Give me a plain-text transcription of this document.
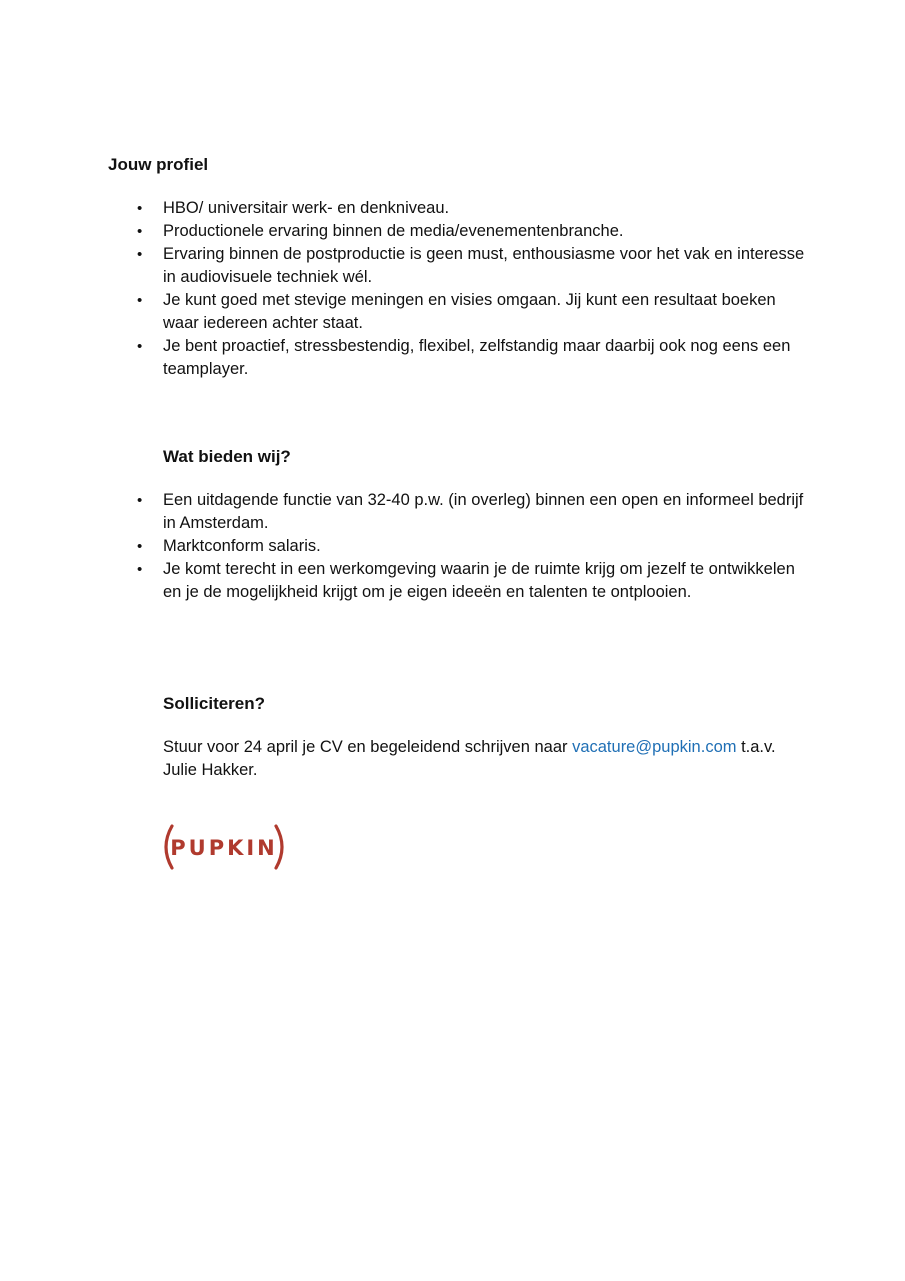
Jouw profiel
• HBO/ universitair werk- en denkniveau.
• Productionele ervaring binnen de media/evenementenbranche.
• Ervaring binnen de postproductie is geen must, enthousiasme voor het vak en interesse in audiovisuele techniek wél.
• Je kunt goed met stevige meningen en visies omgaan. Jij kunt een resultaat boeken waar iedereen achter staat.
• Je bent proactief, stressbestendig, flexibel, zelfstandig maar daarbij ook nog eens een teamplayer.
Wat bieden wij?
• Een uitdagende functie van 32-40 p.w. (in overleg) binnen een open en informeel bedrijf in Amsterdam.
• Marktconform salaris.
• Je komt terecht in een werkomgeving waarin je de ruimte krijg om jezelf te ontwikkelen en je de mogelijkheid krijgt om je eigen ideeën en talenten te ontplooien.
Solliciteren?

Stuur voor 24 april je CV en begeleidend schrijven naar vacature@pupkin.com t.a.v. Julie Hakker.

PUPKIN
